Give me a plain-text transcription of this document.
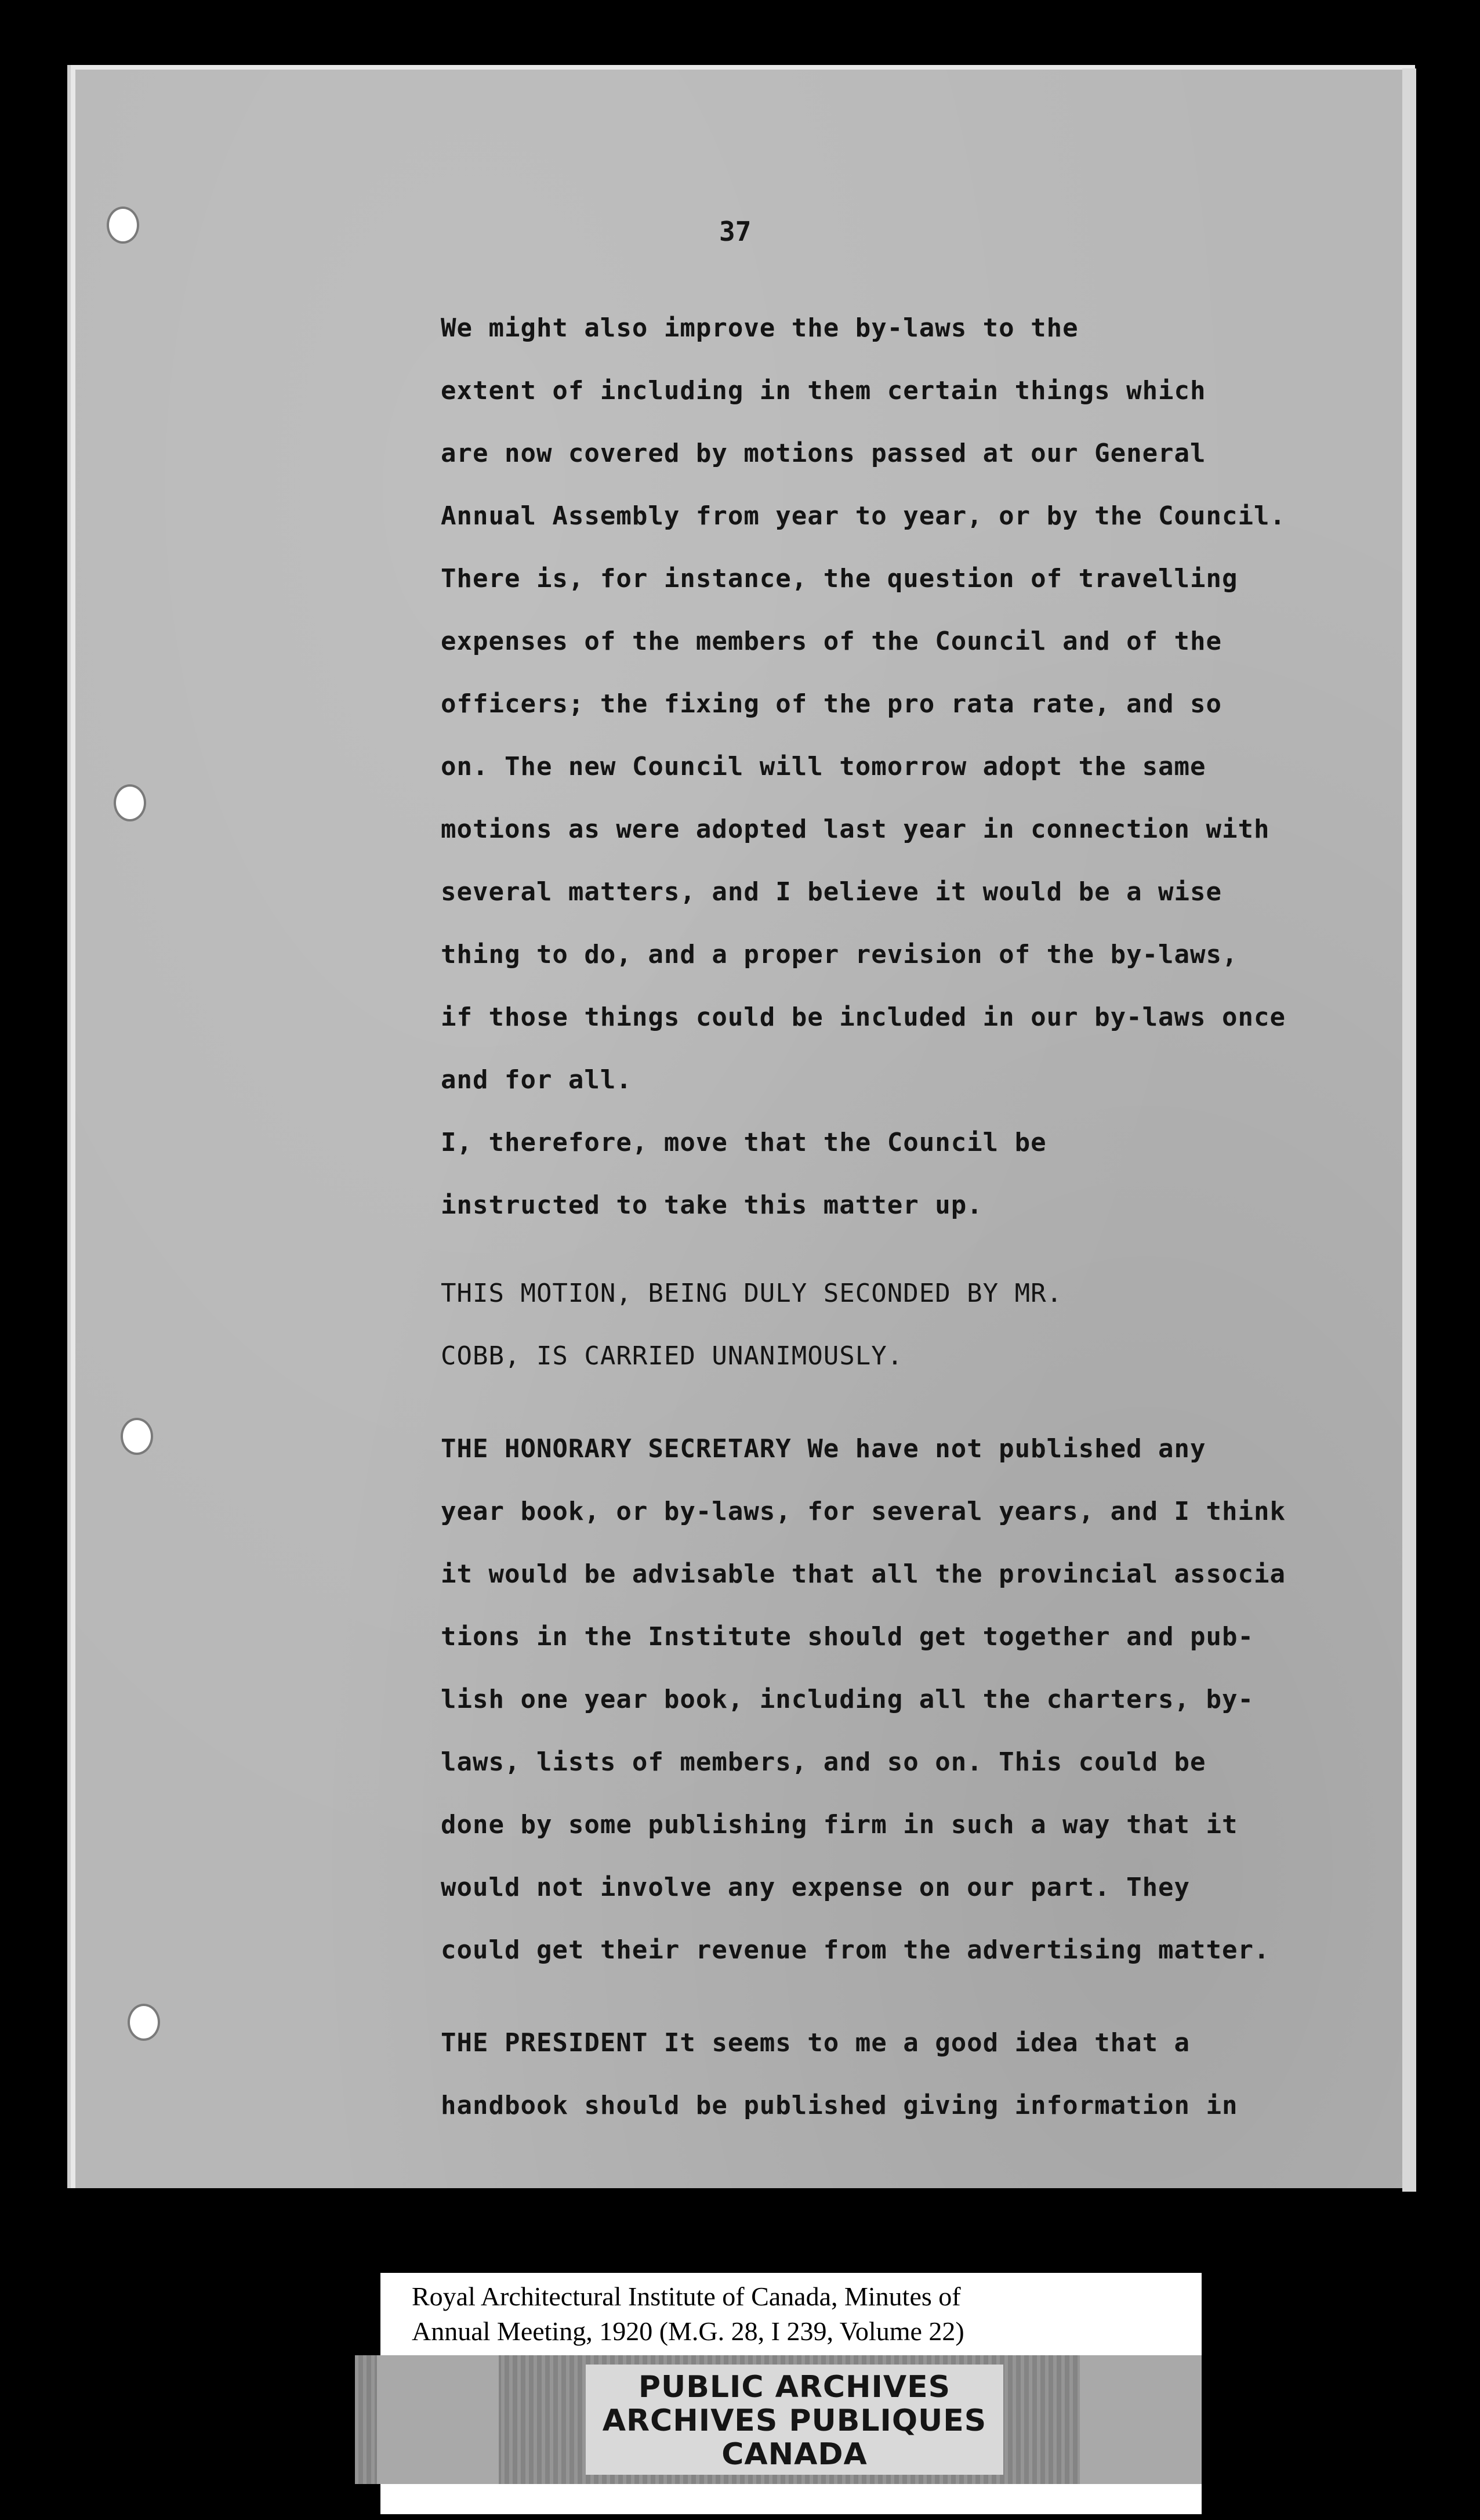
37
We might also improve the by-laws to the
extent of including in them certain things which
are now covered by motions passed at our General
Annual Assembly from year to year, or by the Council.
There is, for instance, the question of travelling
expenses of the members of the Council and of the
officers; the fixing of the pro rata rate, and so
on. The new Council will tomorrow adopt the same
motions as were adopted last year in connection with
several matters, and I believe it would be a wise
thing to do, and a proper revision of the by-laws,
if those things could be included in our by-laws once
and for all.
I, therefore, move that the Council be
instructed to take this matter up.
THIS MOTION, BEING DULY SECONDED BY MR.
COBB, IS CARRIED UNANIMOUSLY.
THE HONORARY SECRETARY We have not published any
year book, or by-laws, for several years, and I think
it would be advisable that all the provincial associa
tions in the Institute should get together and pub-
lish one year book, including all the charters, by-
laws, lists of members, and so on. This could be
done by some publishing firm in such a way that it
would not involve any expense on our part. They
could get their revenue from the advertising matter.
THE PRESIDENT It seems to me a good idea that a
handbook should be published giving information in
Royal Architectural Institute of Canada, Minutes of
Annual Meeting, 1920 (M.G. 28, I 239, Volume 22)
PUBLIC ARCHIVES
ARCHIVES PUBLIQUES
CANADA
